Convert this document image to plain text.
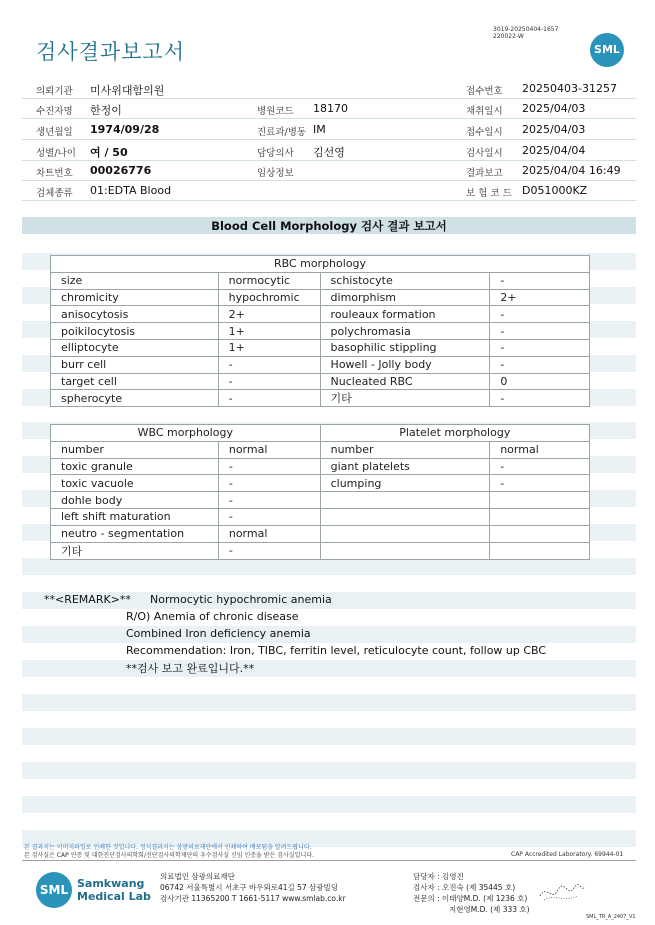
검사결과보고서
3019-20250404-1657
220022-W
SML
의뢰기관 미사위대함의원	접수번호 20250403-31257
수진자명 한정이	병원코드 18170	채취일시 2025/04/03
생년월일 1974/09/28	진료과/병동 IM	접수일시 2025/04/03
성별/나이 여 / 50	담당의사 김선영	검사일시 2025/04/04
차트번호 00026776	임상정보	결과보고 2025/04/04 16:49
검체종류 01:EDTA Blood	보 험 코 드 D051000KZ
Blood Cell Morphology 검사 결과 보고서
RBC morphology			
size	normocytic	schistocyte	-
chromicity	hypochromic	dimorphism	2+
anisocytosis	2+	rouleaux formation	-
poikilocytosis	1+	polychromasia	-
elliptocyte	1+	basophilic stippling	-
burr cell	-	Howell - Jolly body	-
target cell	-	Nucleated RBC	0
spherocyte	-	기타	-
WBC morphology		Platelet morphology	
number	normal	number	normal
toxic granule	-	giant platelets	-
toxic vacuole	-	clumping	-
dohle body	-		
left shift maturation	-		
neutro - segmentation	normal		
기타	-		
**<REMARK>** Normocytic hypochromic anemia
R/O) Anemia of chronic disease
Combined Iron deficiency anemia
Recommendation: Iron, TIBC, ferritin level, reticulocyte count, follow up CBC
**검사 보고 완료입니다.**
본 결과지는 이미지파일로 인쇄한 것입니다. 정식결과지는 삼광의료재단에서 인쇄하여 배포됨을 알려드립니다.
본 검사실은 CAP 인증 및 대한진단검사의학회/진단검사의학재단의 우수검사실 신임 인증을 받은 검사실입니다.	CAP Accredited Laboratory. 69944-01
SML Samkwang
Medical Lab
의료법인 삼광의료재단
06742 서울특별시 서초구 바우뫼로41길 57 삼광빌딩
검사기관 11365200 T 1661-5117 www.smlab.co.kr
담당자 : 김영진
검사자 : 오진숙 (제 35445 호)
전문의 : 이태양M.D. (제 1236 호)
지현영M.D. (제 333 호)
SML_TR_A_2407_V1
